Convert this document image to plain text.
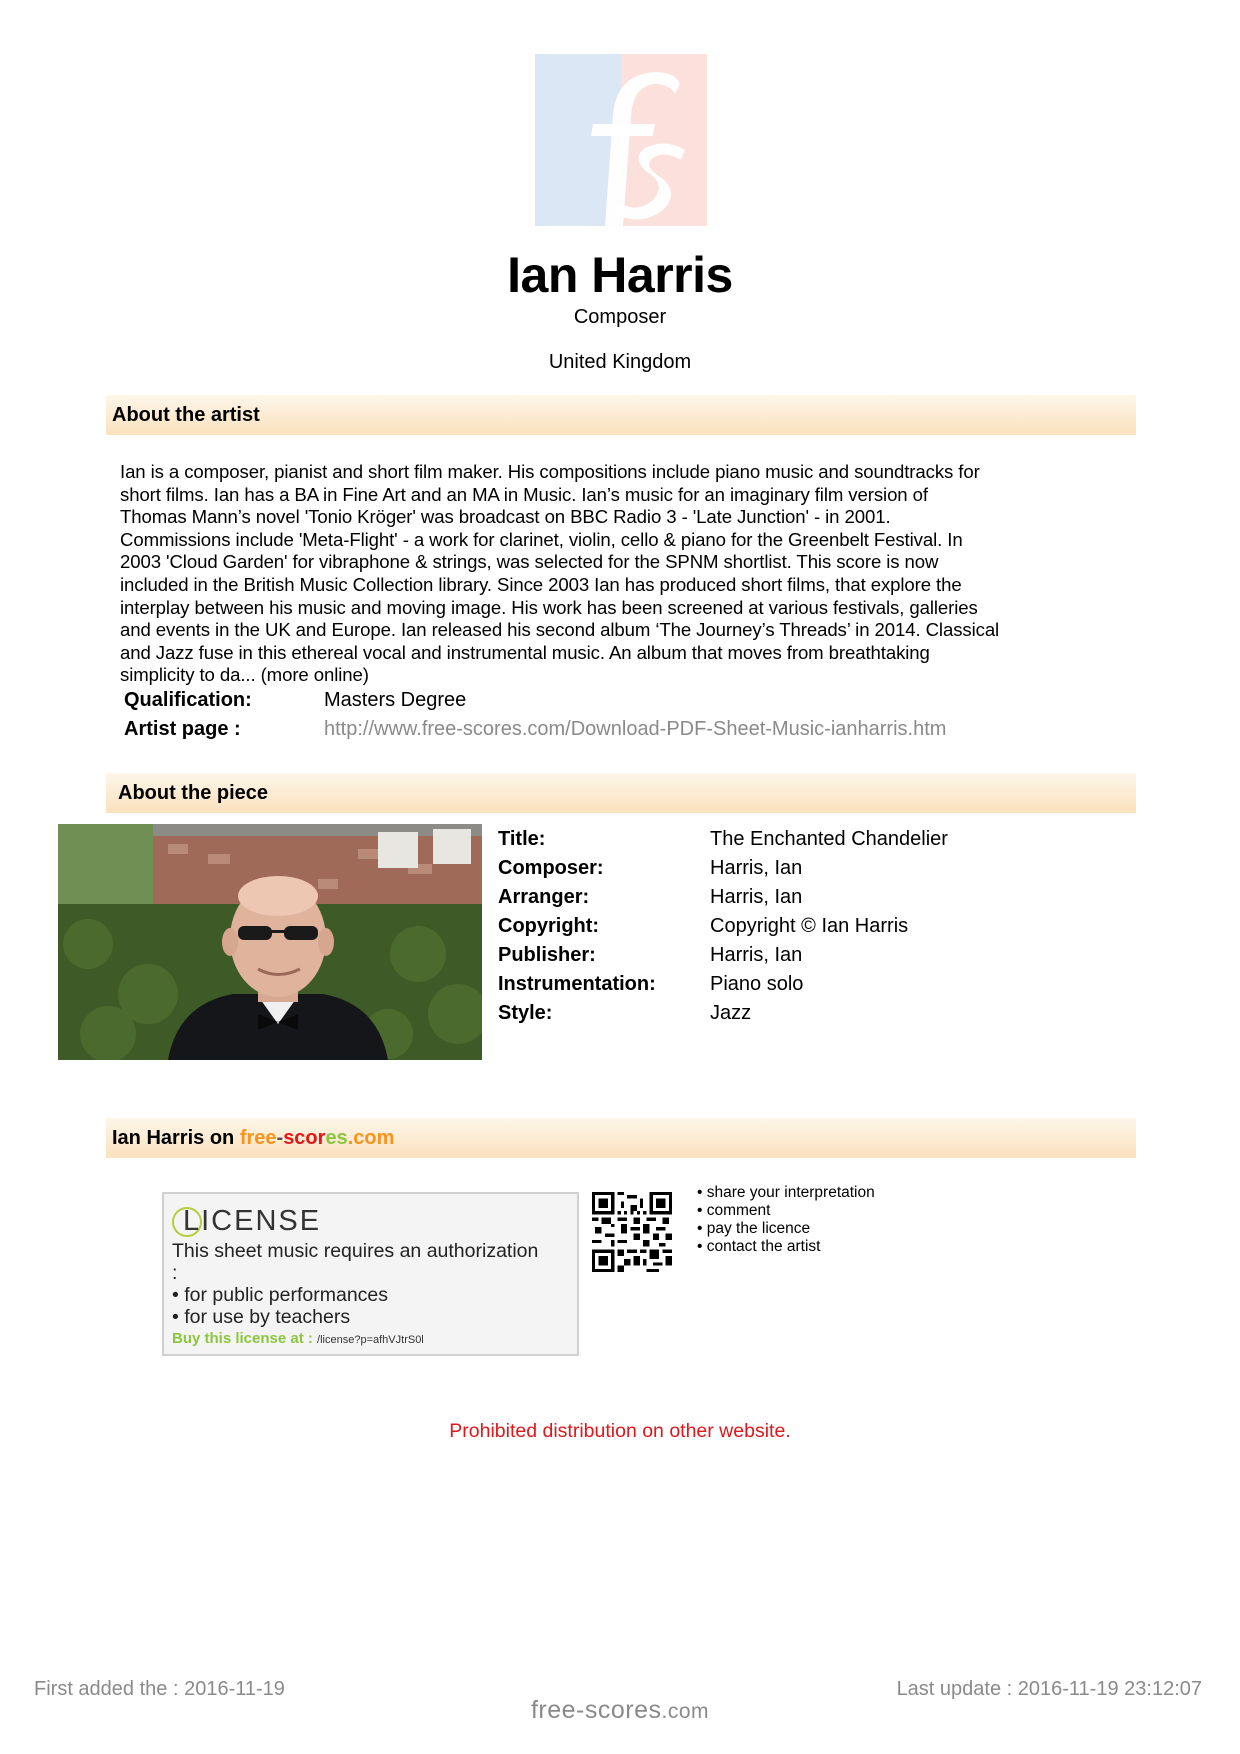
Ian Harris
Composer
United Kingdom
About the artist
Ian is a composer, pianist and short film maker. His compositions include piano music and soundtracks for
short films. Ian has a BA in Fine Art and an MA in Music. Ian’s music for an imaginary film version of
Thomas Mann’s novel 'Tonio Kröger' was broadcast on BBC Radio 3 - 'Late Junction' - in 2001.
Commissions include 'Meta-Flight' - a work for clarinet, violin, cello & piano for the Greenbelt Festival. In
2003 'Cloud Garden' for vibraphone & strings, was selected for the SPNM shortlist. This score is now
included in the British Music Collection library. Since 2003 Ian has produced short films, that explore the
interplay between his music and moving image. His work has been screened at various festivals, galleries
and events in the UK and Europe. Ian released his second album ‘The Journey’s Threads’ in 2014. Classical
and Jazz fuse in this ethereal vocal and instrumental music. An album that moves from breathtaking
simplicity to da... (more online)
Qualification:	Masters Degree
Artist page :	http://www.free-scores.com/Download-PDF-Sheet-Music-ianharris.htm
About the piece
Title:	The Enchanted Chandelier
Composer:	Harris, Ian
Arranger:	Harris, Ian
Copyright:	Copyright © Ian Harris
Publisher:	Harris, Ian
Instrumentation:	Piano solo
Style:	Jazz
Ian Harris on free-scores.com
LICENSE
This sheet music requires an authorization
:
• for public performances
• for use by teachers
Buy this license at : /license?p=afhVJtrS0l
• share your interpretation
• comment
• pay the licence
• contact the artist
Prohibited distribution on other website.
First added the : 2016-11-19	Last update : 2016-11-19 23:12:07
free-scores.com
